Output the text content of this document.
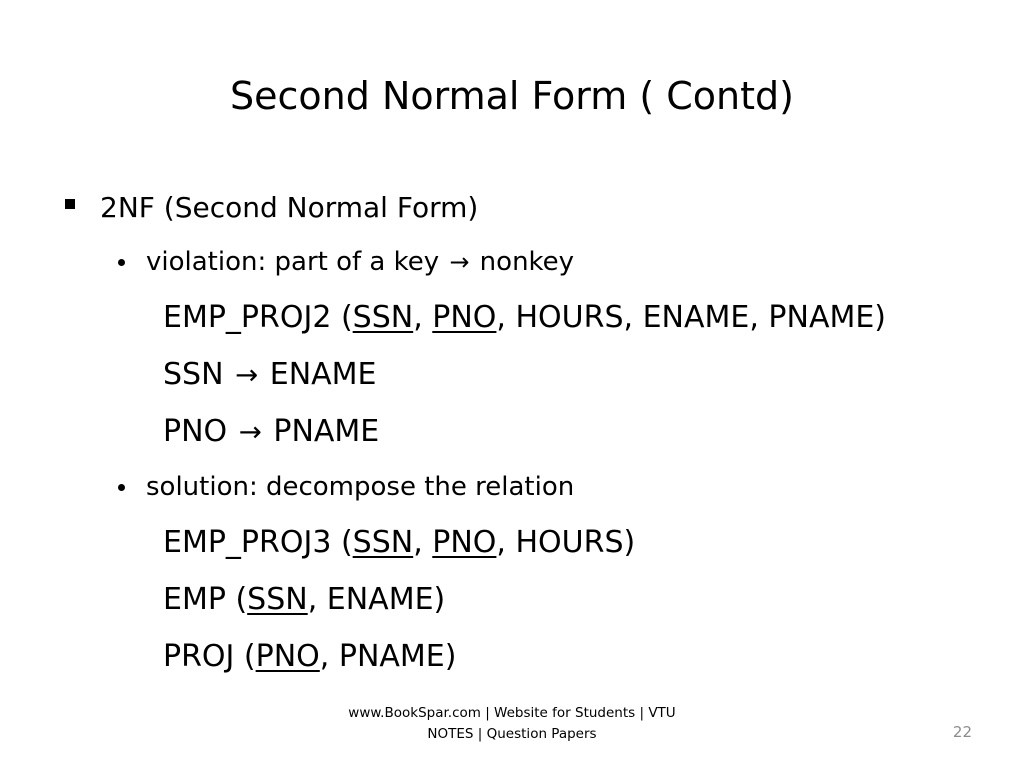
Second Normal Form ( Contd)
2NF (Second Normal Form)
violation: part of a key → nonkey
EMP_PROJ2 (SSN, PNO, HOURS, ENAME, PNAME)
SSN → ENAME
PNO → PNAME
solution: decompose the relation
EMP_PROJ3 (SSN, PNO, HOURS)
EMP (SSN, ENAME)
PROJ (PNO, PNAME)
www.BookSpar.com | Website for Students | VTU NOTES | Question Papers	22
